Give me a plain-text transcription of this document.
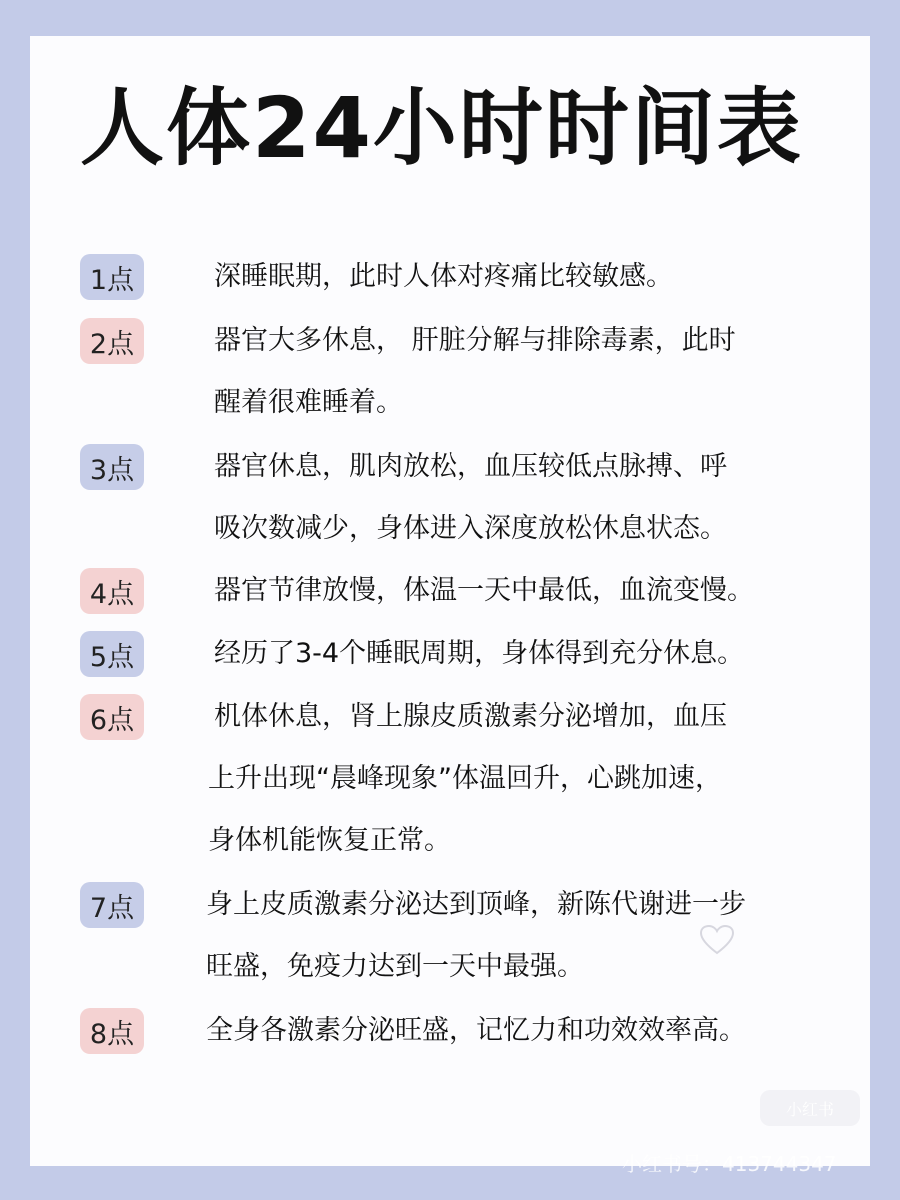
人体24小时时间表
1点	深睡眠期，此时人体对疼痛比较敏感。
2点	器官大多休息， 肝脏分解与排除毒素，此时
醒着很难睡着。
3点	器官休息，肌肉放松，血压较低点脉搏、呼
吸次数减少，身体进入深度放松休息状态。
4点	器官节律放慢，体温一天中最低，血流变慢。
5点	经历了3-4个睡眠周期，身体得到充分休息。
6点	机体休息，肾上腺皮质激素分泌增加，血压
上升出现“晨峰现象”体温回升，心跳加速，
身体机能恢复正常。
7点	身上皮质激素分泌达到顶峰，新陈代谢进一步
旺盛，免疫力达到一天中最强。
8点	全身各激素分泌旺盛，记忆力和功效效率高。
小红书
小红书号：413744347
